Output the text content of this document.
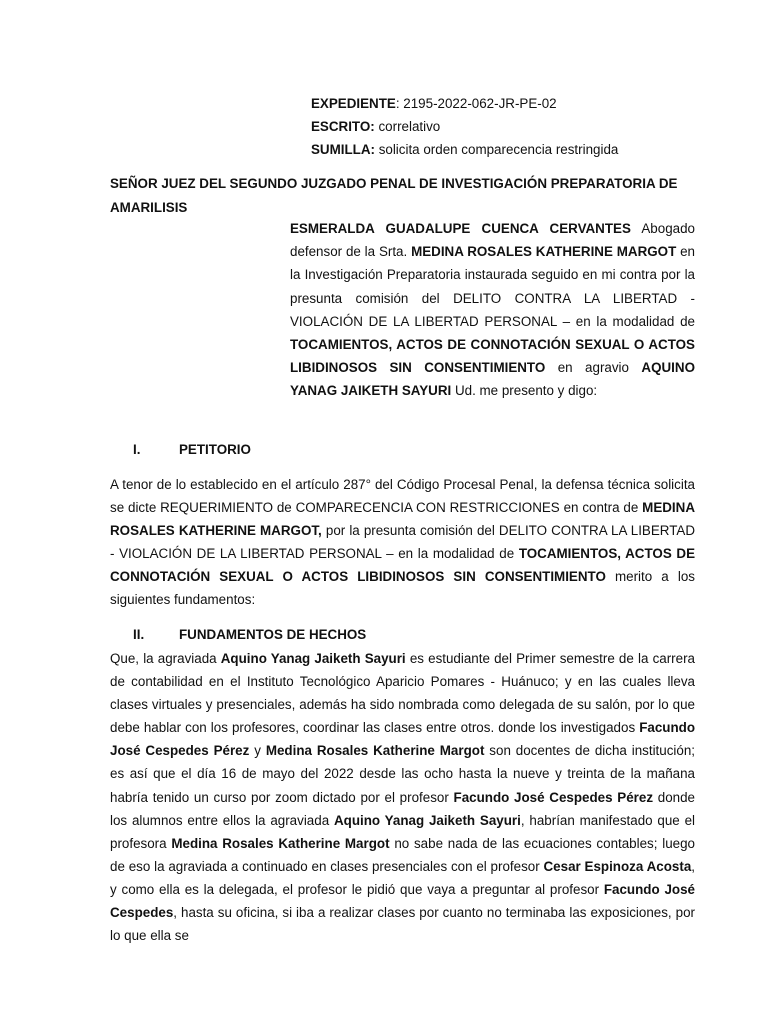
EXPEDIENTE: 2195-2022-062-JR-PE-02
ESCRITO: correlativo
SUMILLA: solicita orden comparecencia restringida
SEÑOR JUEZ DEL SEGUNDO JUZGADO PENAL DE INVESTIGACIÓN PREPARATORIA DE AMARILISIS
ESMERALDA GUADALUPE CUENCA CERVANTES Abogado defensor de la Srta. MEDINA ROSALES KATHERINE MARGOT en la Investigación Preparatoria instaurada seguido en mi contra por la presunta comisión del DELITO CONTRA LA LIBERTAD - VIOLACIÓN DE LA LIBERTAD PERSONAL – en la modalidad de TOCAMIENTOS, ACTOS DE CONNOTACIÓN SEXUAL O ACTOS LIBIDINOSOS SIN CONSENTIMIENTO en agravio AQUINO YANAG JAIKETH SAYURI Ud. me presento y digo:
I.	PETITORIO
A tenor de lo establecido en el artículo 287° del Código Procesal Penal, la defensa técnica solicita se dicte REQUERIMIENTO de COMPARECENCIA CON RESTRICCIONES en contra de MEDINA ROSALES KATHERINE MARGOT, por la presunta comisión del DELITO CONTRA LA LIBERTAD - VIOLACIÓN DE LA LIBERTAD PERSONAL – en la modalidad de TOCAMIENTOS, ACTOS DE CONNOTACIÓN SEXUAL O ACTOS LIBIDINOSOS SIN CONSENTIMIENTO merito a los siguientes fundamentos:
II.	FUNDAMENTOS DE HECHOS
Que, la agraviada Aquino Yanag Jaiketh Sayuri es estudiante del Primer semestre de la carrera de contabilidad en el Instituto Tecnológico Aparicio Pomares - Huánuco; y en las cuales lleva clases virtuales y presenciales, además ha sido nombrada como delegada de su salón, por lo que debe hablar con los profesores, coordinar las clases entre otros. donde los investigados Facundo José Cespedes Pérez y Medina Rosales Katherine Margot son docentes de dicha institución; es así que el día 16 de mayo del 2022 desde las ocho hasta la nueve y treinta de la mañana habría tenido un curso por zoom dictado por el profesor Facundo José Cespedes Pérez donde los alumnos entre ellos la agraviada Aquino Yanag Jaiketh Sayuri, habrían manifestado que el profesora Medina Rosales Katherine Margot no sabe nada de las ecuaciones contables; luego de eso la agraviada a continuado en clases presenciales con el profesor Cesar Espinoza Acosta, y como ella es la delegada, el profesor le pidió que vaya a preguntar al profesor Facundo José Cespedes, hasta su oficina, si iba a realizar clases por cuanto no terminaba las exposiciones, por lo que ella se
